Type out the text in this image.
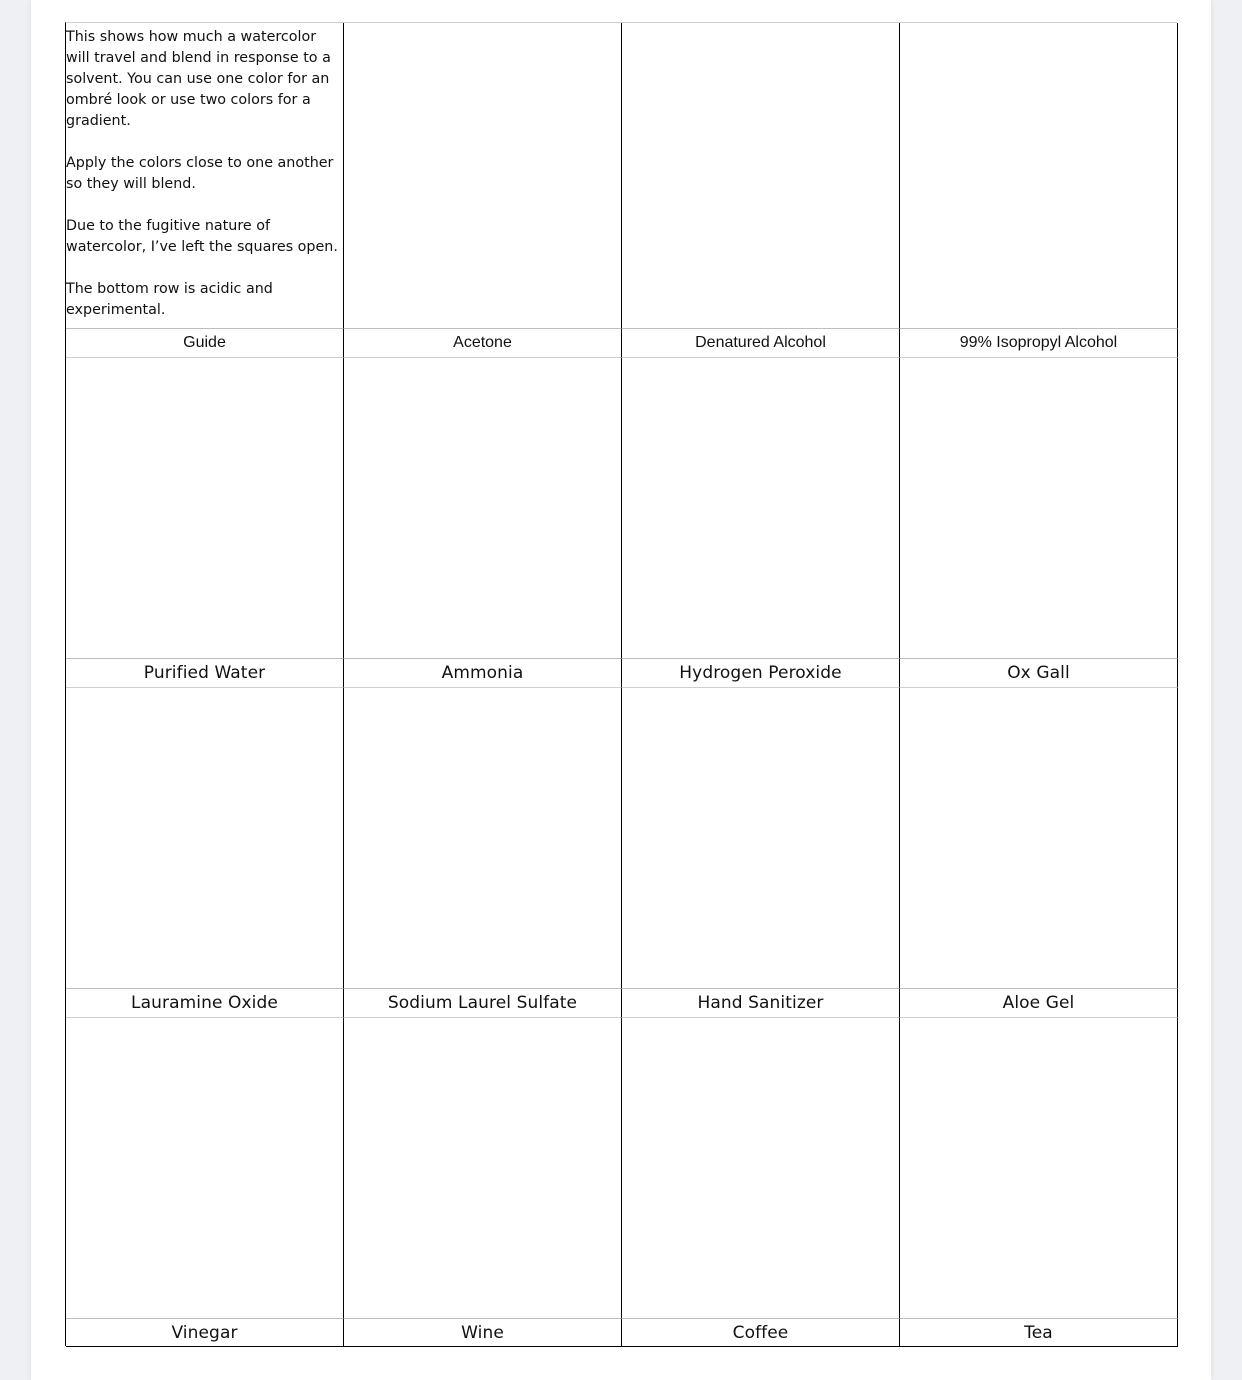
This shows how much a watercolor will travel and blend in response to a solvent. You can use one color for an ombré look or use two colors for a gradient.

Apply the colors close to one another so they will blend.

Due to the fugitive nature of watercolor, I’ve left the squares open.

The bottom row is acidic and experimental.

Guide	Acetone	Denatured Alcohol	99% Isopropyl Alcohol
Purified Water	Ammonia	Hydrogen Peroxide	Ox Gall
Lauramine Oxide	Sodium Laurel Sulfate	Hand Sanitizer	Aloe Gel
Vinegar	Wine	Coffee	Tea
